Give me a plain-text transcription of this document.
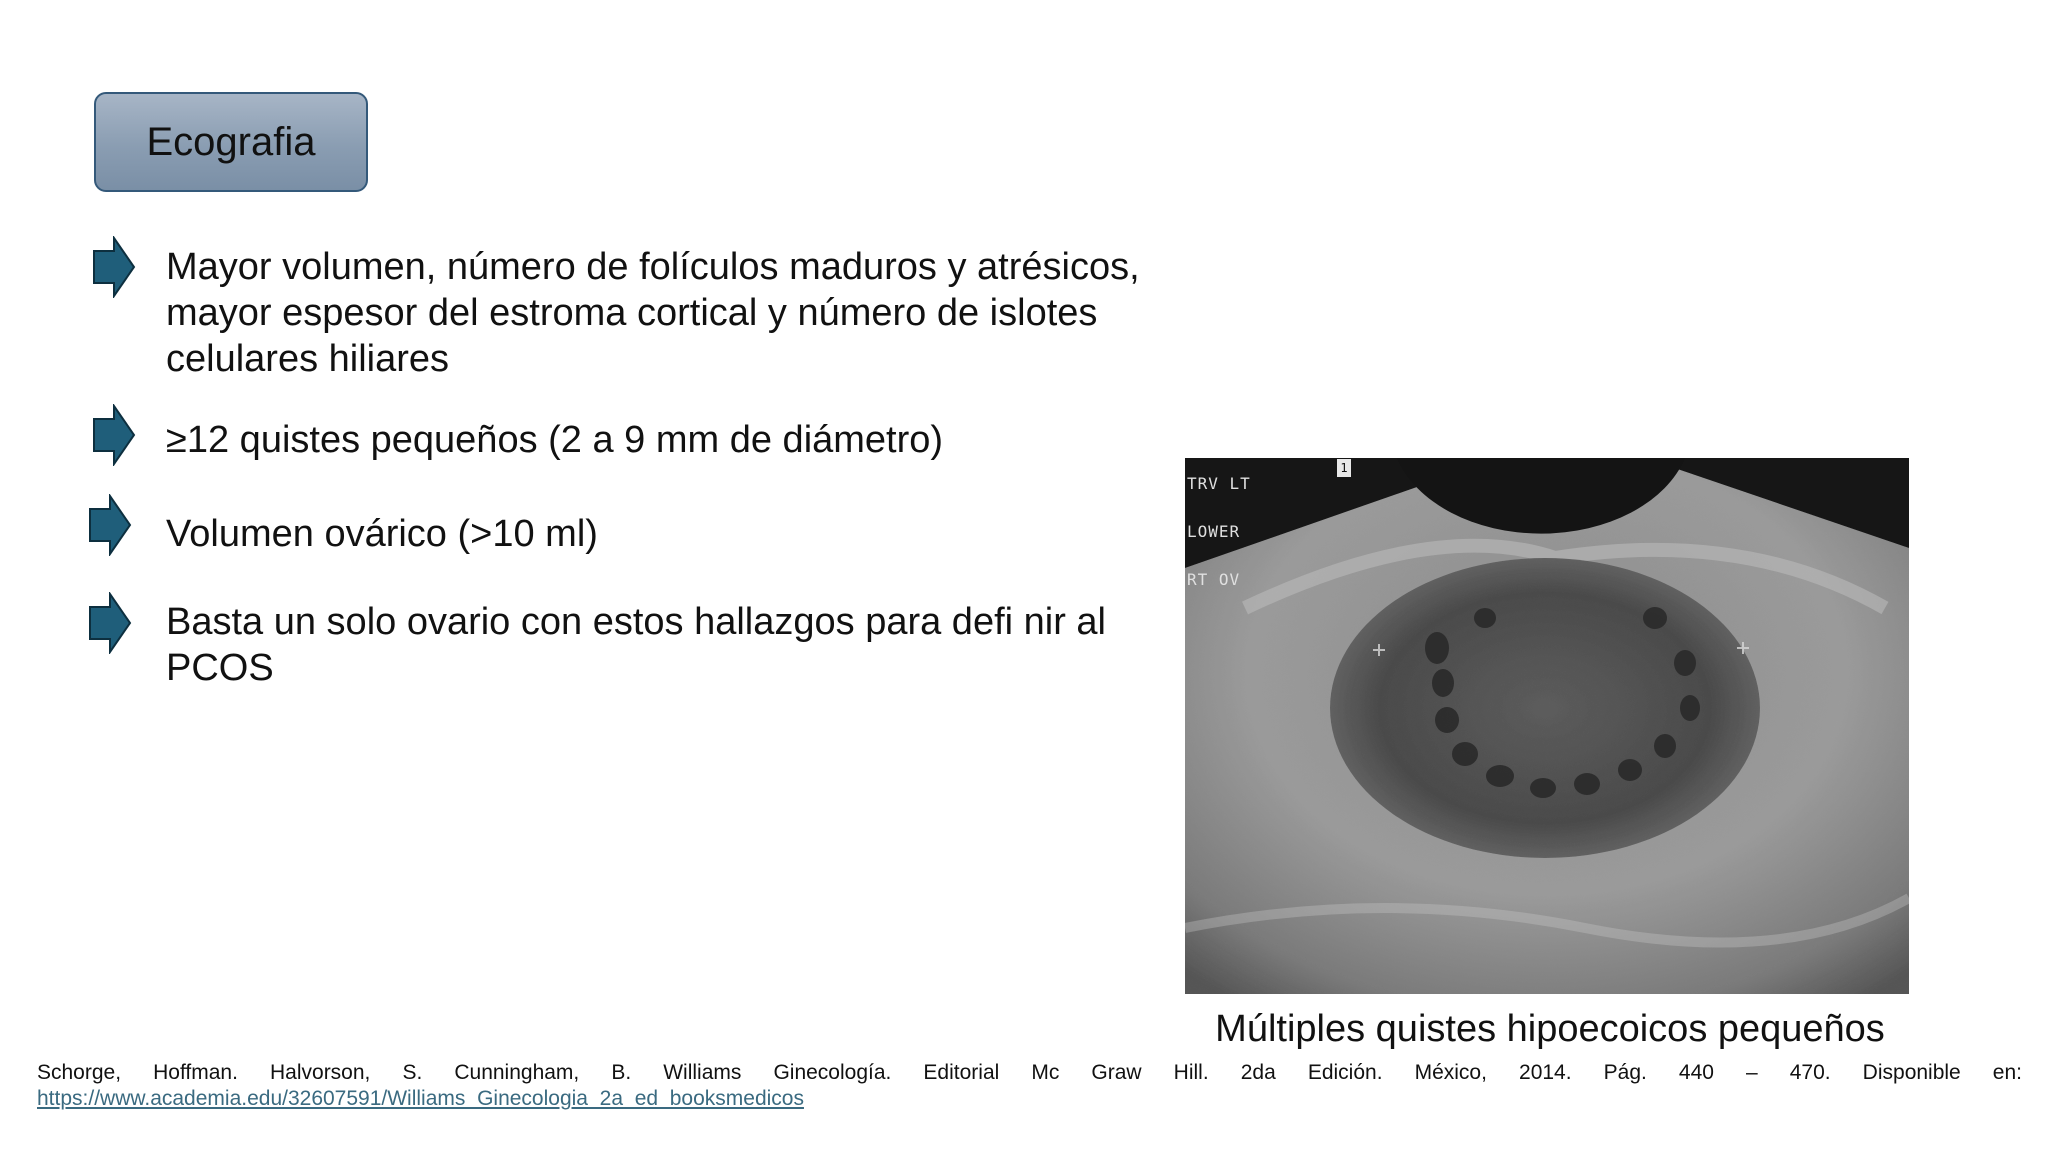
Ecografia
Mayor volumen, número de folículos maduros y atrésicos, mayor espesor del estroma cortical y número de islotes celulares hiliares
≥12 quistes pequeños (2 a 9 mm de diámetro)
Volumen ovárico (>10 ml)
Basta un solo ovario con estos hallazgos para defi nir al PCOS
TRV LT
LOWER
RT OV
1
Múltiples quistes hipoecoicos pequeños
Schorge, Hoffman. Halvorson, S. Cunningham, B. Williams Ginecología. Editorial Mc Graw Hill. 2da Edición. México, 2014. Pág. 440 – 470. Disponible en:
https://www.academia.edu/32607591/Williams_Ginecologia_2a_ed_booksmedicos
